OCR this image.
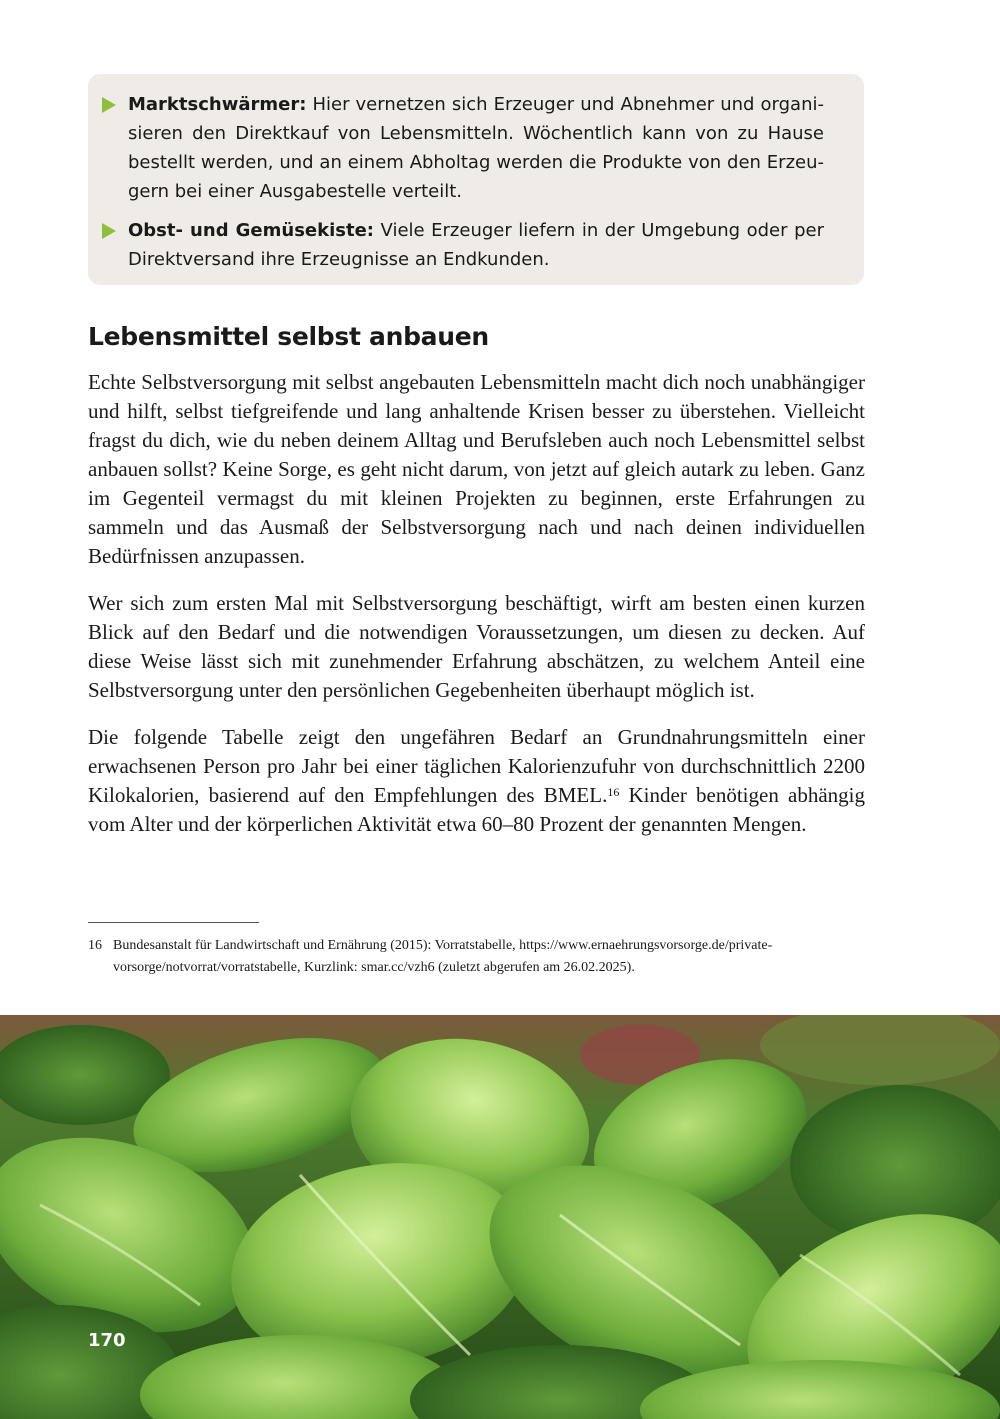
Marktschwärmer: Hier vernetzen sich Erzeuger und Abnehmer und organisieren den Direktkauf von Lebensmitteln. Wöchentlich kann von zu Hause bestellt werden, und an einem Abholtag werden die Produkte von den Erzeugern bei einer Ausgabestelle verteilt.
Obst- und Gemüsekiste: Viele Erzeuger liefern in der Umgebung oder per Direktversand ihre Erzeugnisse an Endkunden.
Lebensmittel selbst anbauen

Echte Selbstversorgung mit selbst angebauten Lebensmitteln macht dich noch unabhängiger und hilft, selbst tiefgreifende und lang anhaltende Krisen besser zu überstehen. Vielleicht fragst du dich, wie du neben deinem Alltag und Berufsleben auch noch Lebensmittel selbst anbauen sollst? Keine Sorge, es geht nicht darum, von jetzt auf gleich autark zu leben. Ganz im Gegenteil vermagst du mit kleinen Projekten zu beginnen, erste Erfahrungen zu sammeln und das Ausmaß der Selbstversorgung nach und nach deinen individuellen Bedürfnissen anzupassen.

Wer sich zum ersten Mal mit Selbstversorgung beschäftigt, wirft am besten einen kurzen Blick auf den Bedarf und die notwendigen Voraussetzungen, um diesen zu decken. Auf diese Weise lässt sich mit zunehmender Erfahrung abschätzen, zu welchem Anteil eine Selbstversorgung unter den persönlichen Gegebenheiten überhaupt möglich ist.

Die folgende Tabelle zeigt den ungefähren Bedarf an Grundnahrungsmitteln einer erwachsenen Person pro Jahr bei einer täglichen Kalorienzufuhr von durchschnittlich 2200 Kilokalorien, basierend auf den Empfehlungen des BMEL.$^{16}$ Kinder benötigen abhängig vom Alter und der körperlichen Aktivität etwa 60–80 Prozent der genannten Mengen.

16 Bundesanstalt für Landwirtschaft und Ernährung (2015): Vorratstabelle, https://www.ernaehrungsvorsorge.de/private-vorsorge/notvorrat/vorratstabelle, Kurzlink: smar.cc/vzh6 (zuletzt abgerufen am 26.02.2025).
170
